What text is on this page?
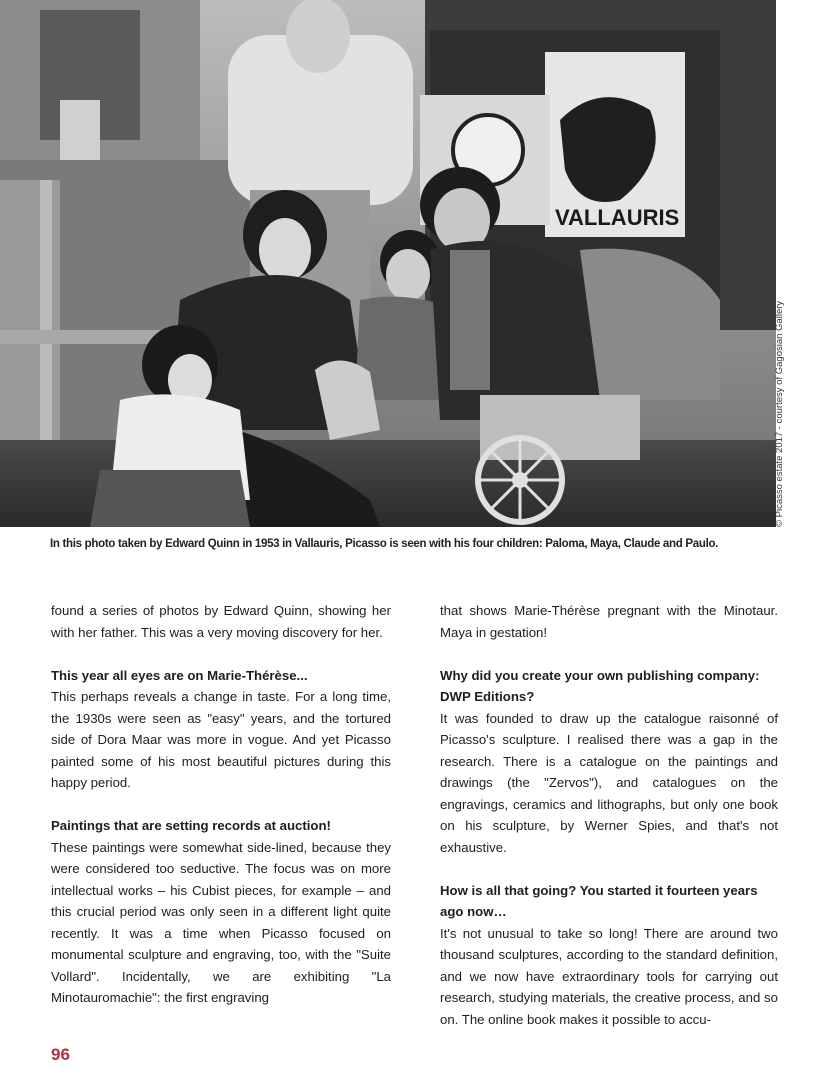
VALLAURIS
© Picasso estate 2017 - courtesy of Gagosian Gallery
In this photo taken by Edward Quinn in 1953 in Vallauris, Picasso is seen with his four children: Paloma, Maya, Claude and Paulo.

found a series of photos by Edward Quinn, showing her with her father. This was a very moving discovery for her.

This year all eyes are on Marie-Thérèse...

This perhaps reveals a change in taste. For a long time, the 1930s were seen as "easy" years, and the tortured side of Dora Maar was more in vogue. And yet Picasso painted some of his most beautiful pictures during this happy period.

Paintings that are setting records at auction!

These paintings were somewhat side-lined, because they were considered too seductive. The focus was on more intellectual works – his Cubist pieces, for example – and this crucial period was only seen in a different light quite recently. It was a time when Picasso focused on monumental sculpture and engraving, too, with the "Suite Vollard". Incidentally, we are exhibiting "La Minotauromachie": the first engraving

that shows Marie-Thérèse pregnant with the Minotaur. Maya in gestation!

Why did you create your own publishing company: DWP Editions?

It was founded to draw up the catalogue raisonné of Picasso's sculpture. I realised there was a gap in the research. There is a catalogue on the paintings and drawings (the "Zervos"), and catalogues on the engravings, ceramics and lithographs, but only one book on his sculpture, by Werner Spies, and that's not exhaustive.

How is all that going? You started it fourteen years ago now…

It's not unusual to take so long! There are around two thousand sculptures, according to the standard definition, and we now have extraordinary tools for carrying out research, studying materials, the creative process, and so on. The online book makes it possible to accu-

96
